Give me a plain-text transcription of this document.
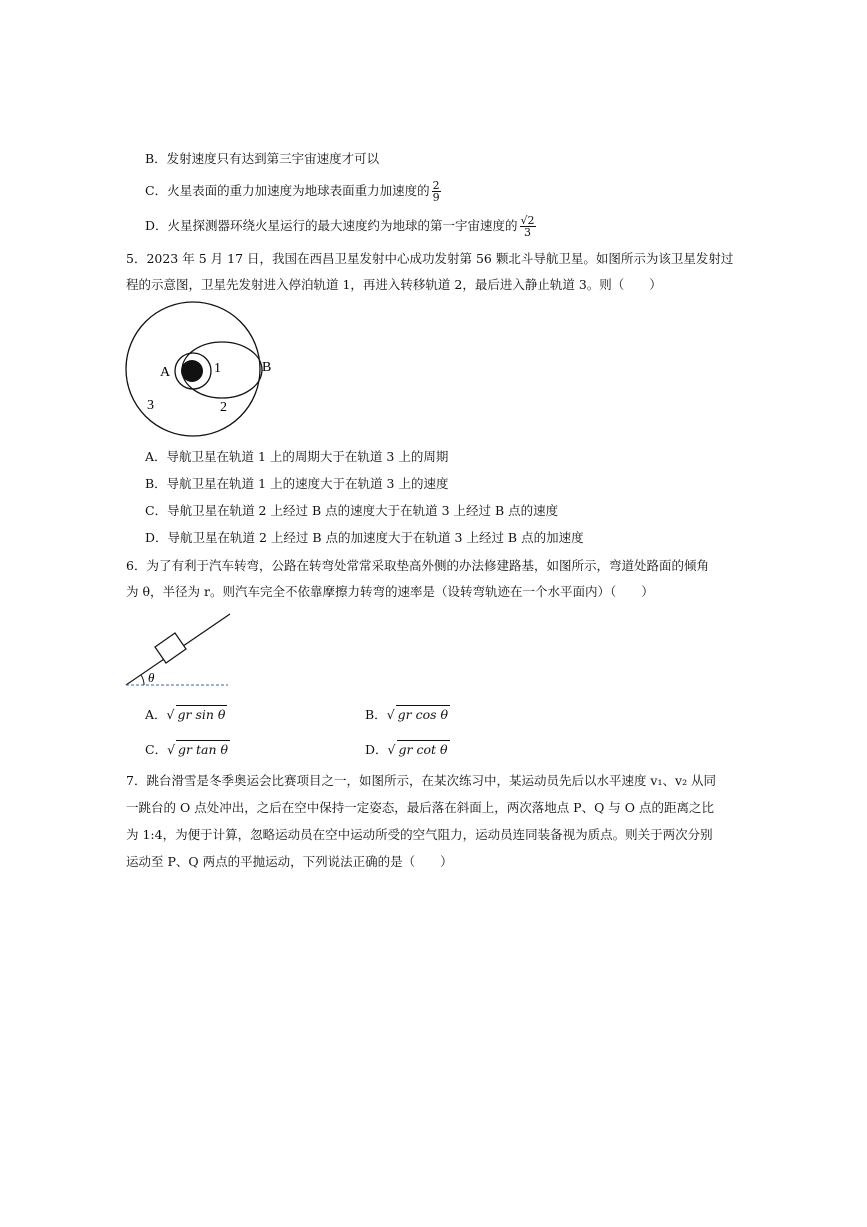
B．发射速度只有达到第三宇宙速度才可以
C．火星表面的重力加速度为地球表面重力加速度的 $\frac{2}{9}$
D．火星探测器环绕火星运行的最大速度约为地球的第一宇宙速度的 $\frac{√2}{3}$
5．2023 年 5 月 17 日，我国在西昌卫星发射中心成功发射第 56 颗北斗导航卫星。如图所示为该卫星发射过
程的示意图，卫星先发射进入停泊轨道 1，再进入转移轨道 2，最后进入静止轨道 3。则（　　）
A	1	B
2
3
A．导航卫星在轨道 1 上的周期大于在轨道 3 上的周期
B．导航卫星在轨道 1 上的速度大于在轨道 3 上的速度
C．导航卫星在轨道 2 上经过 B 点的速度大于在轨道 3 上经过 B 点的速度
D．导航卫星在轨道 2 上经过 B 点的加速度大于在轨道 3 上经过 B 点的加速度
6．为了有利于汽车转弯，公路在转弯处常常采取垫高外侧的办法修建路基，如图所示，弯道处路面的倾角
为 θ，半径为 r。则汽车完全不依靠摩擦力转弯的速率是（设转弯轨迹在一个水平面内）（　　）
θ
A．√ gr sin θ	B．√ gr cos θ
C．√ gr tan θ	D．√ gr cot θ
7．跳台滑雪是冬季奥运会比赛项目之一，如图所示，在某次练习中，某运动员先后以水平速度 v₁、v₂ 从同
一跳台的 O 点处冲出，之后在空中保持一定姿态，最后落在斜面上，两次落地点 P、Q 与 O 点的距离之比
为 1:4，为便于计算，忽略运动员在空中运动所受的空气阻力，运动员连同装备视为质点。则关于两次分别
运动至 P、Q 两点的平抛运动，下列说法正确的是（　　）
